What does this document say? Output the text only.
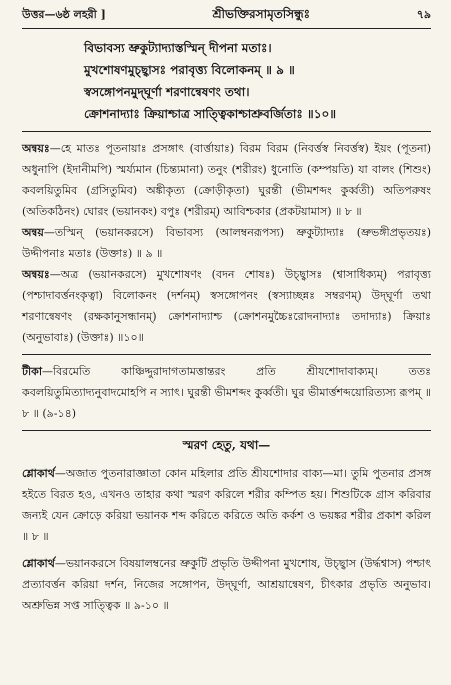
উত্তর—৬ষ্ঠ লহরী ]	শ্রীভক্তিরসামৃতসিন্ধুঃ	৭৯
বিভাবস্য ভ্রুকুট্যাদ্যাস্তস্মিন্ দীপনা মতাঃ।
মুখশোষণমুচ্ছ্বাসঃ পরাবৃত্ত্য বিলোকনম্ ॥ ৯ ॥
স্বসঙ্গোপনমুদ্‌ঘূর্ণা শরণান্বেষণং তথা।
ক্রোশনাদ্যাঃ ক্রিয়াশ্চাত্র সাত্ত্বিকাশ্চাশ্রুবর্জিতাঃ ॥১০॥
অন্বয়ঃ—হে মাতঃ পূতনায়াঃ প্রসঙ্গাৎ (বার্ত্তায়াঃ) বিরম বিরম (নিবর্ত্তস্ব নিবর্ত্তস্ব) ইয়ং (পূতনা) অধুনাপি (ইদানীমপি) স্মর্য্যমান (চিন্ত্যমানা) তনুং (শরীরং) ধুনোতি (কম্পয়তি) যা বালং (শিশুং) কবলয়িতুমিব (গ্রসিতুমিব) অঙ্কীকৃত্য (ক্রোড়ীকৃতা) ঘুরন্তী (ভীমশব্দং কুর্ব্বতী) অতিপরুষং (অতিকঠিনং) ঘোরং (ভয়ানকং) বপুঃ (শরীরম্) আবিশ্চকার (প্রকটয়ামাস) ॥ ৮ ॥
অন্বয়—তস্মিন্ (ভয়ানকরসে) বিভাবস্য (আলম্বনরূপস্য) ভ্রুকুট্যাদ্যাঃ (ভ্রুভঙ্গীপ্রভৃতয়ঃ) উদ্দীপনাঃ মতাঃ (উক্তাঃ) ॥ ৯ ॥
অন্বয়ঃ—অত্র (ভয়ানকরসে) মুখশোষণং (বদন শোষঃ) উচ্ছ্বাসঃ (শ্বাসাধিক্যম্) পরাবৃত্ত্য (পশ্চাদাবর্ত্তনংকৃত্বা) বিলোকনং (দর্শনম্) স্বসঙ্গোপনং (স্বস্যাচ্ছন্নঃ সম্বরণম্) উদ্‌ঘূর্ণা তথা শরণান্বেষণং (রক্ষকানুসন্ধানম্) ক্রোশনাদ্যাশ্চ (ক্রোশনমুচ্চৈঃরোদনাদ্যাঃ তদাদ্যাঃ) ক্রিয়াঃ (অনুভাবাঃ) (উক্তাঃ) ॥১০॥
টীকা—বিরমেতি কাঞ্চিদ্দুরাদাগতামত্তান্তরং প্রতি শ্রীযশোদাবাক্যম্। ততঃ কবলয়িতুমিত্যাদ্যনুবাদমোহপি ন স্যাৎ। ঘুরন্তী ভীমশব্দং কুর্ব্বতী। ঘুর ভীমার্ত্তশব্দয়োরিত্যস্য রূপম্ ॥ ৮ ॥ (৯-১৪)
স্মরণ হেতু, যথা—
শ্লোকার্থ—অজাত পুতনারাজ্ঞাতা কোন মহিলার প্রতি শ্রীযশোদার বাক্য—মা। তুমি পুতনার প্রসঙ্গ হইতে বিরত হও, এখনও তাহার কথা স্মরণ করিলে শরীর কম্পিত হয়। শিশুটিকে গ্রাস করিবার জন্যই যেন ক্রোড়ে করিয়া ভয়ানক শব্দ করিতে করিতে অতি কর্কশ ও ভয়ঙ্কর শরীর প্রকাশ করিল ॥ ৮ ॥
শ্লোকার্থ—ভয়ানকরসে বিষয়ালম্বনের ভ্রুকুটি প্রভৃতি উদ্দীপনা মুখশোষ, উচ্ছ্বাস (উর্দ্ধশ্বাস) পশ্চাৎ প্রত্যাবর্ত্তন করিয়া দর্শন, নিজের সঙ্গোপন, উদ্‌ঘূর্ণা, আশ্রয়ান্বেষণ, চীৎকার প্রভৃতি অনুভাব। অশ্রুভিন্ন সপ্ত সাত্ত্বিক ॥ ৯-১০ ॥
